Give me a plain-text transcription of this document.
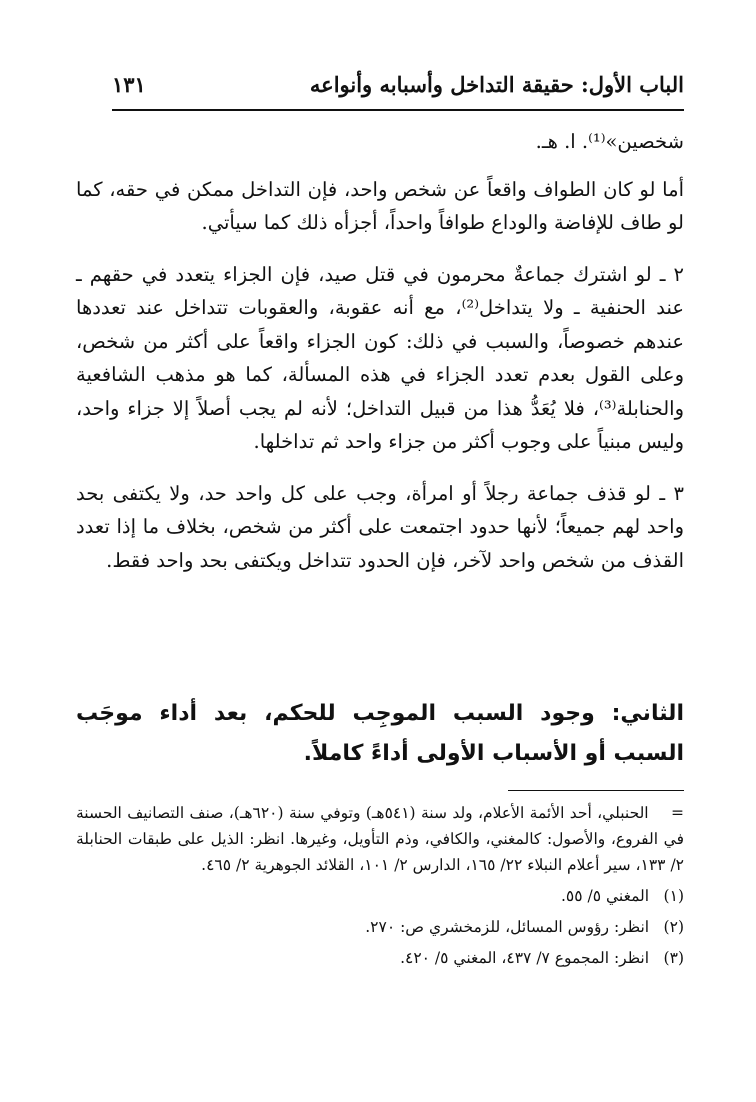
الباب الأول: حقيقة التداخل وأسبابه وأنواعه
١٣١

شخصين»⁽¹⁾. ا. هـ.

أما لو كان الطواف واقعاً عن شخص واحد، فإن التداخل ممكن في حقه، كما لو طاف للإفاضة والوداع طوافاً واحداً، أجزأه ذلك كما سيأتي.

٢ ـ لو اشترك جماعةٌ محرمون في قتل صيد، فإن الجزاء يتعدد في حقهم ـ عند الحنفية ـ ولا يتداخل⁽²⁾، مع أنه عقوبة، والعقوبات تتداخل عند تعددها عندهم خصوصاً، والسبب في ذلك: كون الجزاء واقعاً على أكثر من شخص، وعلى القول بعدم تعدد الجزاء في هذه المسألة، كما هو مذهب الشافعية والحنابلة⁽³⁾، فلا يُعَدُّ هذا من قبيل التداخل؛ لأنه لم يجب أصلاً إلا جزاء واحد، وليس مبنياً على وجوب أكثر من جزاء واحد ثم تداخلها.

٣ ـ لو قذف جماعة رجلاً أو امرأة، وجب على كل واحد حد، ولا يكتفى بحد واحد لهم جميعاً؛ لأنها حدود اجتمعت على أكثر من شخص، بخلاف ما إذا تعدد القذف من شخص واحد لآخر، فإن الحدود تتداخل ويكتفى بحد واحد فقط.

الثاني: وجود السبب الموجِب للحكم، بعد أداء موجَب السبب أو الأسباب الأولى أداءً كاملاً.

= الحنبلي، أحد الأئمة الأعلام، ولد سنة (٥٤١هـ) وتوفي سنة (٦٢٠هـ)، صنف التصانيف الحسنة في الفروع، والأصول: كالمغني، والكافي، وذم التأويل، وغيرها. انظر: الذيل على طبقات الحنابلة ٢/ ١٣٣، سير أعلام النبلاء ٢٢/ ١٦٥، الدارس ٢/ ١٠١، القلائد الجوهرية ٢/ ٤٦٥.

(١) المغني ٥/ ٥٥.

(٢) انظر: رؤوس المسائل، للزمخشري ص: ٢٧٠.

(٣) انظر: المجموع ٧/ ٤٣٧، المغني ٥/ ٤٢٠.
